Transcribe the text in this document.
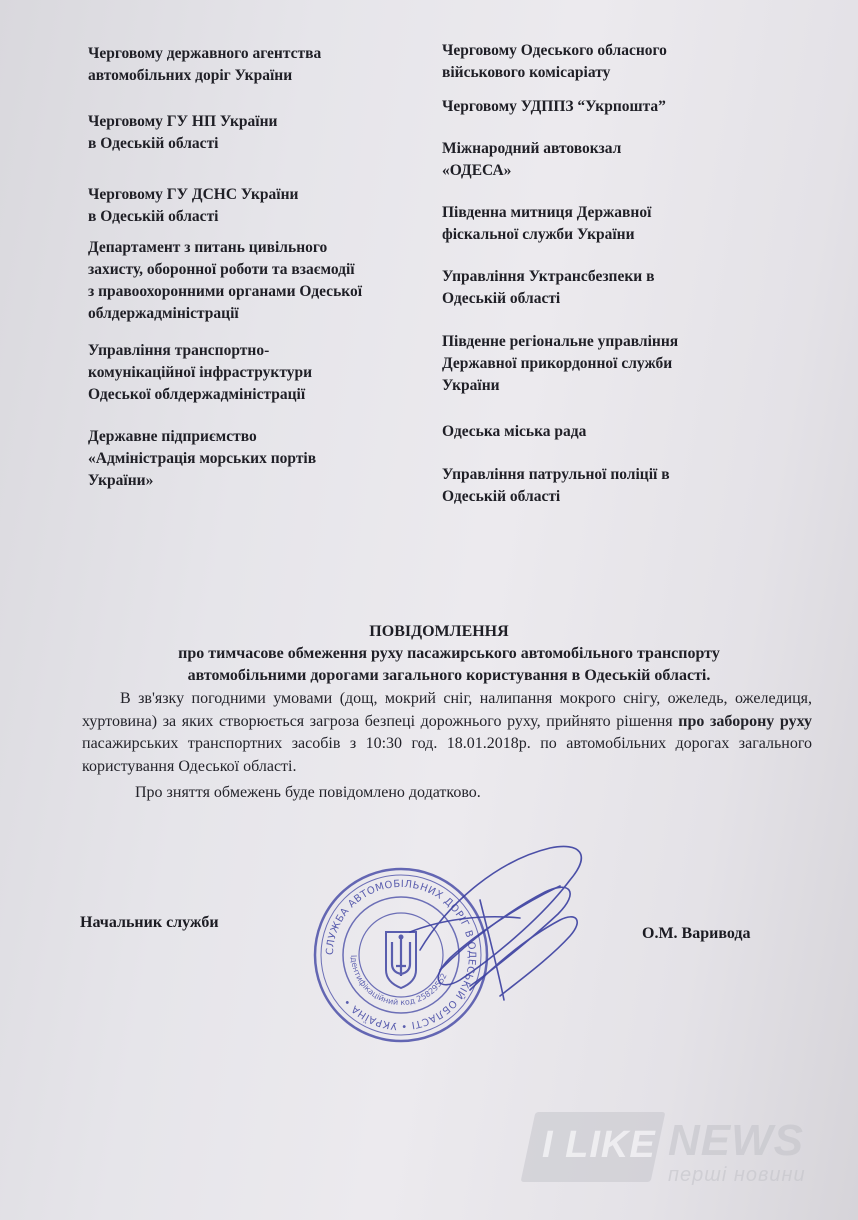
Черговому державного агентства
автомобільних доріг України

Черговому ГУ НП України
в Одеській області

Черговому ГУ ДСНС України
в Одеській області

Департамент з питань цивільного
захисту, оборонної роботи та взаємодії
з правоохоронними органами Одеської
облдержадміністрації

Управління транспортно-
комунікаційної інфраструктури
Одеської облдержадміністрації

Державне підприємство
«Адміністрація морських портів
України»

Черговому Одеського обласного
військового комісаріату

Черговому УДППЗ “Укрпошта”

Міжнародний автовокзал
«ОДЕСА»

Південна митниця Державної
фіскальної служби України

Управління Уктрансбезпеки в
Одеській області

Південне регіональне управління
Державної прикордонної служби
України

Одеська міська рада

Управління патрульної поліції в
Одеській області

ПОВІДОМЛЕННЯ

про тимчасове обмеження руху пасажирського автомобільного транспорту

автомобільними дорогами загального користування в Одеській області.

В зв'язку погодними умовами (дощ, мокрий сніг, налипання мокрого снігу, ожеледь, ожеледиця, хуртовина) за яких створюється загроза безпеці дорожнього руху, прийнято рішення про заборону руху пасажирських транспортних засобів з 10:30 год. 18.01.2018р. по автомобільних дорогах загального користування Одеської області.

Про зняття обмежень буде повідомлено додатково.

Начальник служби

О.М. Варивода

СЛУЖБА АВТОМОБІЛЬНИХ ДОРІГ В ОДЕСЬКІЙ ОБЛАСТІ • УКРАЇНА •
Ідентифікаційний код 25829552

I LIKE NEWS

перші новини
